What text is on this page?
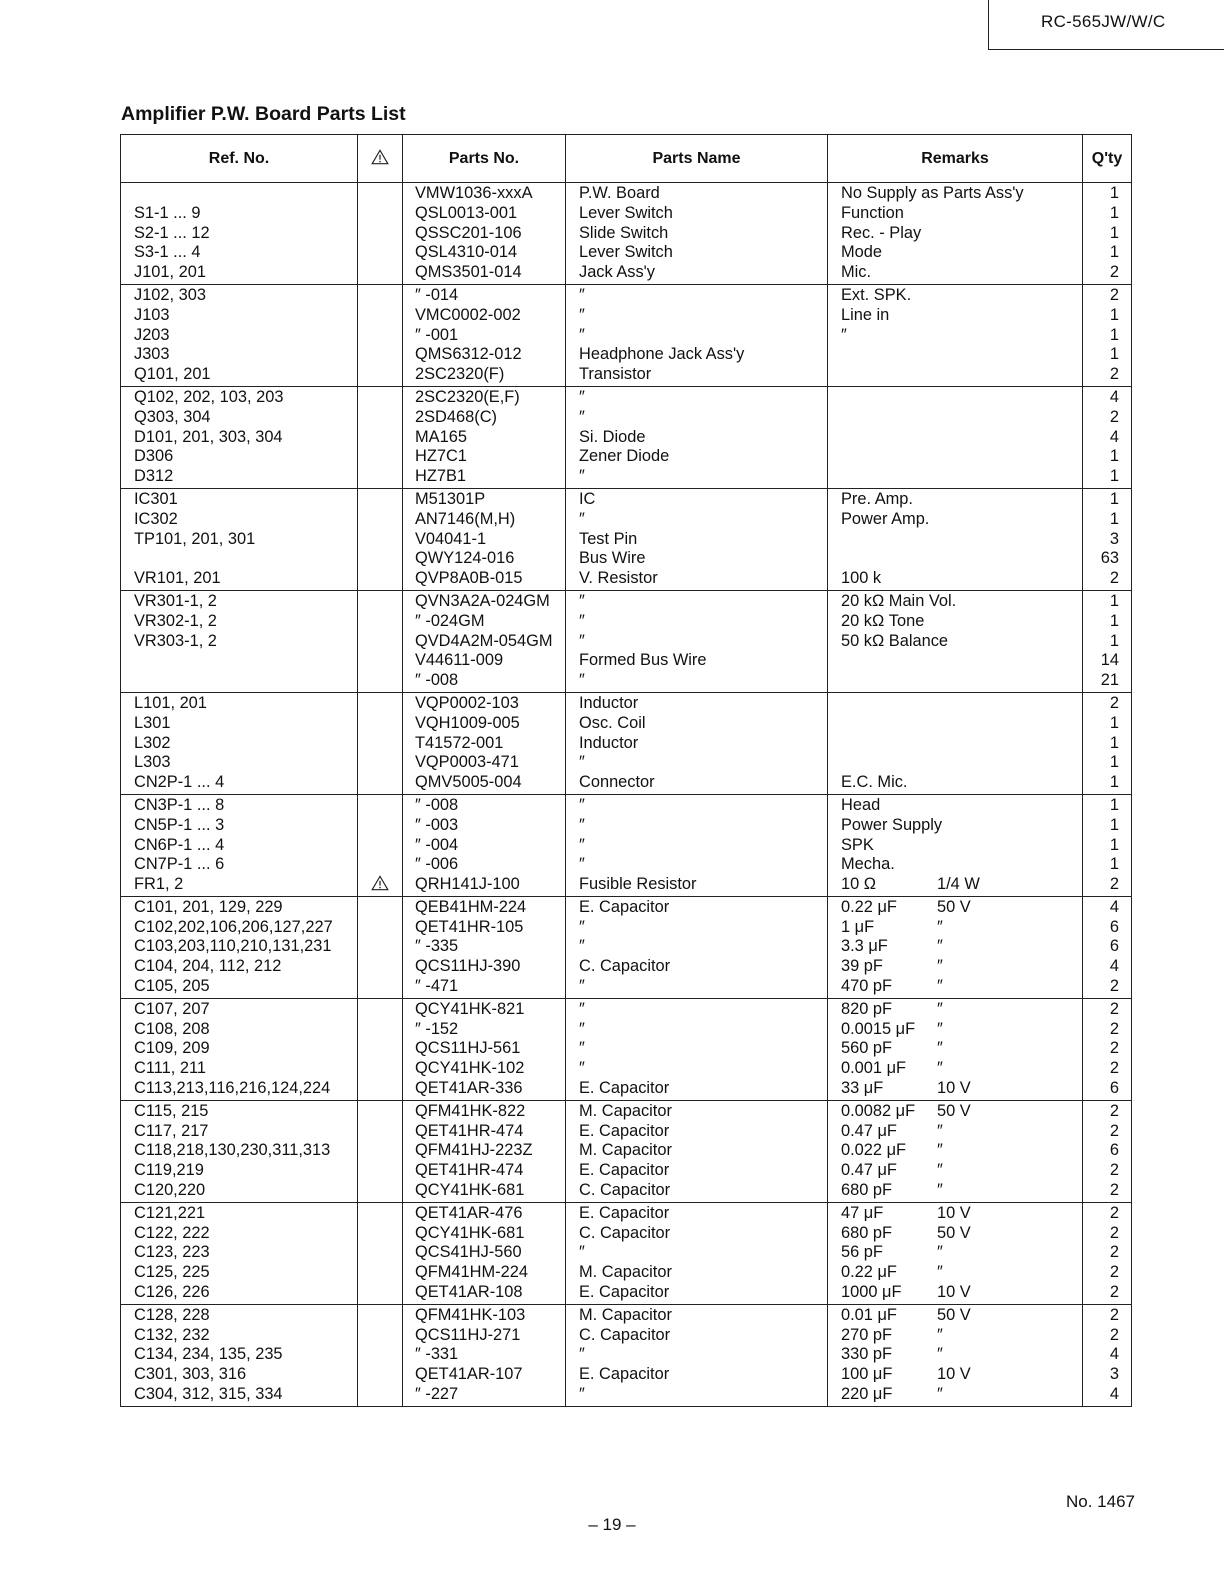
RC-565JW/W/C
Amplifier P.W. Board Parts List
Ref. No.		Parts No.	Parts Name	Remarks	Q'ty
		VMW1036-xxxA	P.W. Board	No Supply as Parts Ass'y	1
S1-1 ... 9		QSL0013-001	Lever Switch	Function	1
S2-1 ... 12		QSSC201-106	Slide Switch	Rec. - Play	1
S3-1 ... 4		QSL4310-014	Lever Switch	Mode	1
J101, 201		QMS3501-014	Jack Ass'y	Mic.	2
J102, 303		″ -014	″	Ext. SPK.	2
J103		VMC0002-002	″	Line in	1
J203		″ -001	″	″	1
J303		QMS6312-012	Headphone Jack Ass'y		1
Q101, 201		2SC2320(F)	Transistor		2
Q102, 202, 103, 203		2SC2320(E,F)	″		4
Q303, 304		2SD468(C)	″		2
D101, 201, 303, 304		MA165	Si. Diode		4
D306		HZ7C1	Zener Diode		1
D312		HZ7B1	″		1
IC301		M51301P	IC	Pre. Amp.	1
IC302		AN7146(M,H)	″	Power Amp.	1
TP101, 201, 301		V04041-1	Test Pin		3
		QWY124-016	Bus Wire		63
VR101, 201		QVP8A0B-015	V. Resistor	100 k	2
VR301-1, 2		QVN3A2A-024GM	″	20 kΩ Main Vol.	1
VR302-1, 2		″ -024GM	″	20 kΩ Tone	1
VR303-1, 2		QVD4A2M-054GM	″	50 kΩ Balance	1
		V44611-009	Formed Bus Wire		14
		″ -008	″		21
L101, 201		VQP0002-103	Inductor		2
L301		VQH1009-005	Osc. Coil		1
L302		T41572-001	Inductor		1
L303		VQP0003-471	″		1
CN2P-1 ... 4		QMV5005-004	Connector	E.C. Mic.	1
CN3P-1 ... 8		″ -008	″	Head	1
CN5P-1 ... 3		″ -003	″	Power Supply	1
CN6P-1 ... 4		″ -004	″	SPK	1
CN7P-1 ... 6		″ -006	″	Mecha.	1
FR1, 2		QRH141J-100	Fusible Resistor	10 Ω 1/4 W	2
C101, 201, 129, 229		QEB41HM-224	E. Capacitor	0.22 μF 50 V	4
C102,202,106,206,127,227		QET41HR-105	″	1 μF ″	6
C103,203,110,210,131,231		″ -335	″	3.3 μF ″	6
C104, 204, 112, 212		QCS11HJ-390	C. Capacitor	39 pF ″	4
C105, 205		″ -471	″	470 pF ″	2
C107, 207		QCY41HK-821	″	820 pF ″	2
C108, 208		″ -152	″	0.0015 μF ″	2
C109, 209		QCS11HJ-561	″	560 pF ″	2
C111, 211		QCY41HK-102	″	0.001 μF ″	2
C113,213,116,216,124,224		QET41AR-336	E. Capacitor	33 μF 10 V	6
C115, 215		QFM41HK-822	M. Capacitor	0.0082 μF 50 V	2
C117, 217		QET41HR-474	E. Capacitor	0.47 μF ″	2
C118,218,130,230,311,313		QFM41HJ-223Z	M. Capacitor	0.022 μF ″	6
C119,219		QET41HR-474	E. Capacitor	0.47 μF ″	2
C120,220		QCY41HK-681	C. Capacitor	680 pF ″	2
C121,221		QET41AR-476	E. Capacitor	47 μF 10 V	2
C122, 222		QCY41HK-681	C. Capacitor	680 pF 50 V	2
C123, 223		QCS41HJ-560	″	56 pF ″	2
C125, 225		QFM41HM-224	M. Capacitor	0.22 μF ″	2
C126, 226		QET41AR-108	E. Capacitor	1000 μF 10 V	2
C128, 228		QFM41HK-103	M. Capacitor	0.01 μF 50 V	2
C132, 232		QCS11HJ-271	C. Capacitor	270 pF ″	2
C134, 234, 135, 235		″ -331	″	330 pF ″	4
C301, 303, 316		QET41AR-107	E. Capacitor	100 μF 10 V	3
C304, 312, 315, 334		″ -227	″	220 μF ″	4
No. 1467
– 19 –
